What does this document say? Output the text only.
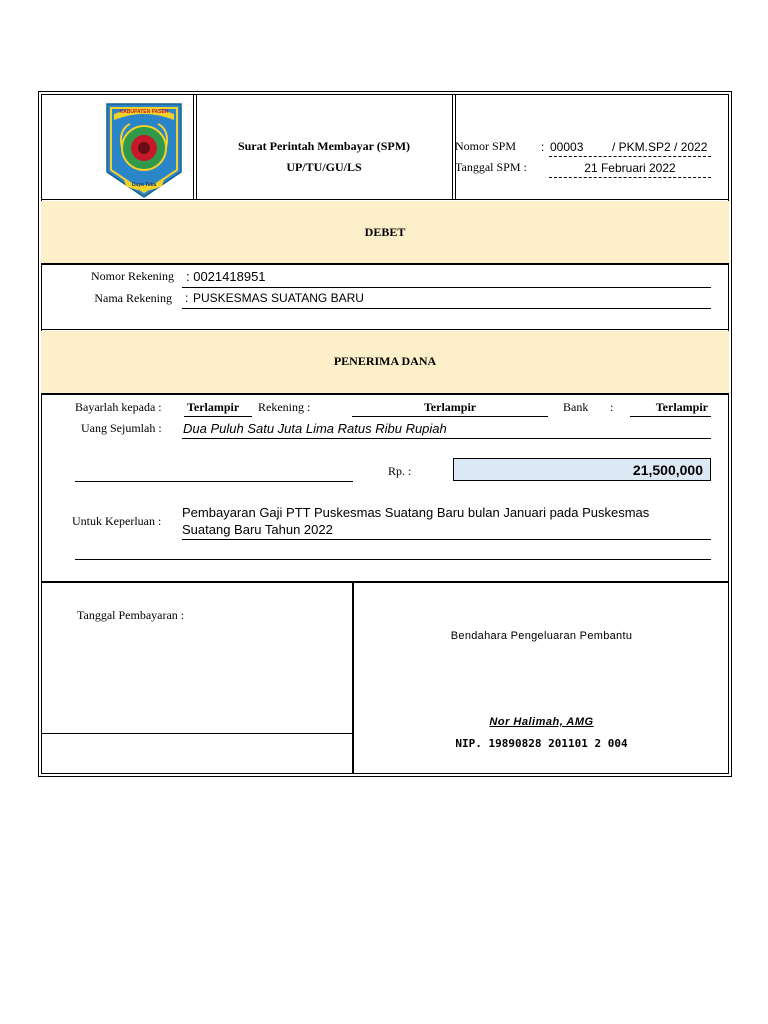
KABUPATEN PASER
Daya Taka
Surat Perintah Membayar (SPM)
UP/TU/GU/LS
Nomor SPM : 00003 / PKM.SP2 / 2022
Tanggal SPM :	21 Februari 2022
DEBET
Nomor Rekening : 0021418951
Nama Rekening : PUSKESMAS SUATANG BARU
PENERIMA DANA
Bayarlah kepada : Terlampir Rekening :	Terlampir	Bank :	Terlampir
Uang Sejumlah : Dua Puluh Satu Juta Lima Ratus Ribu Rupiah
Rp. :	21,500,000
Untuk Keperluan :
Pembayaran Gaji PTT Puskesmas Suatang Baru bulan Januari pada Puskesmas
Suatang Baru Tahun 2022
Tanggal Pembayaran :
Bendahara Pengeluaran Pembantu
Nor Halimah, AMG
NIP. 19890828 201101 2 004
